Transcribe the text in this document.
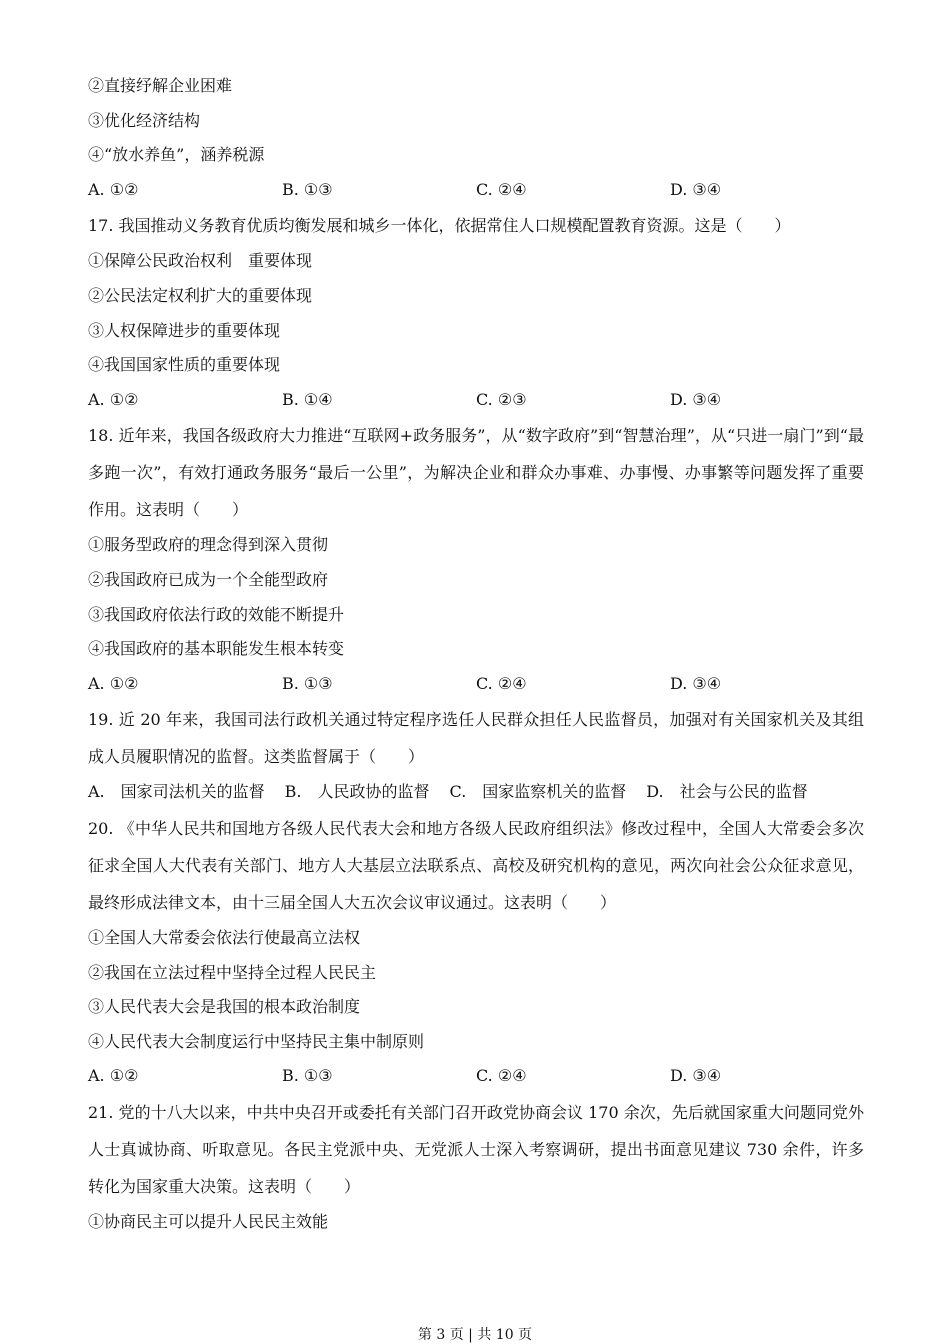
②直接纾解企业困难
③优化经济结构
④“放水养鱼”，涵养税源
A. ①②	B. ①③	C. ②④	D. ③④
17. 我国推动义务教育优质均衡发展和城乡一体化，依据常住人口规模配置教育资源。这是（　　）
①保障公民政治权利　重要体现
②公民法定权利扩大的重要体现
③人权保障进步的重要体现
④我国国家性质的重要体现
A. ①②	B. ①④	C. ②③	D. ③④
18. 近年来，我国各级政府大力推进“互联网+政务服务”，从“数字政府”到“智慧治理”，从“只进一扇门”到“最多跑一次”，有效打通政务服务“最后一公里”，为解决企业和群众办事难、办事慢、办事繁等问题发挥了重要作用。这表明（　　）
①服务型政府的理念得到深入贯彻
②我国政府已成为一个全能型政府
③我国政府依法行政的效能不断提升
④我国政府的基本职能发生根本转变
A. ①②	B. ①③	C. ②④	D. ③④
19. 近 20 年来，我国司法行政机关通过特定程序选任人民群众担任人民监督员，加强对有关国家机关及其组成人员履职情况的监督。这类监督属于（　　）
A.　国家司法机关的监督 B.　人民政协的监督 C.　国家监察机关的监督 D.　社会与公民的监督
20. 《中华人民共和国地方各级人民代表大会和地方各级人民政府组织法》修改过程中，全国人大常委会多次征求全国人大代表有关部门、地方人大基层立法联系点、高校及研究机构的意见，两次向社会公众征求意见，最终形成法律文本，由十三届全国人大五次会议审议通过。这表明（　　）
①全国人大常委会依法行使最高立法权
②我国在立法过程中坚持全过程人民民主
③人民代表大会是我国的根本政治制度
④人民代表大会制度运行中坚持民主集中制原则
A. ①②	B. ①③	C. ②④	D. ③④
21. 党的十八大以来，中共中央召开或委托有关部门召开政党协商会议 170 余次，先后就国家重大问题同党外人士真诚协商、听取意见。各民主党派中央、无党派人士深入考察调研，提出书面意见建议 730 余件，许多转化为国家重大决策。这表明（　　）
①协商民主可以提升人民民主效能
第 3 页 | 共 10 页
